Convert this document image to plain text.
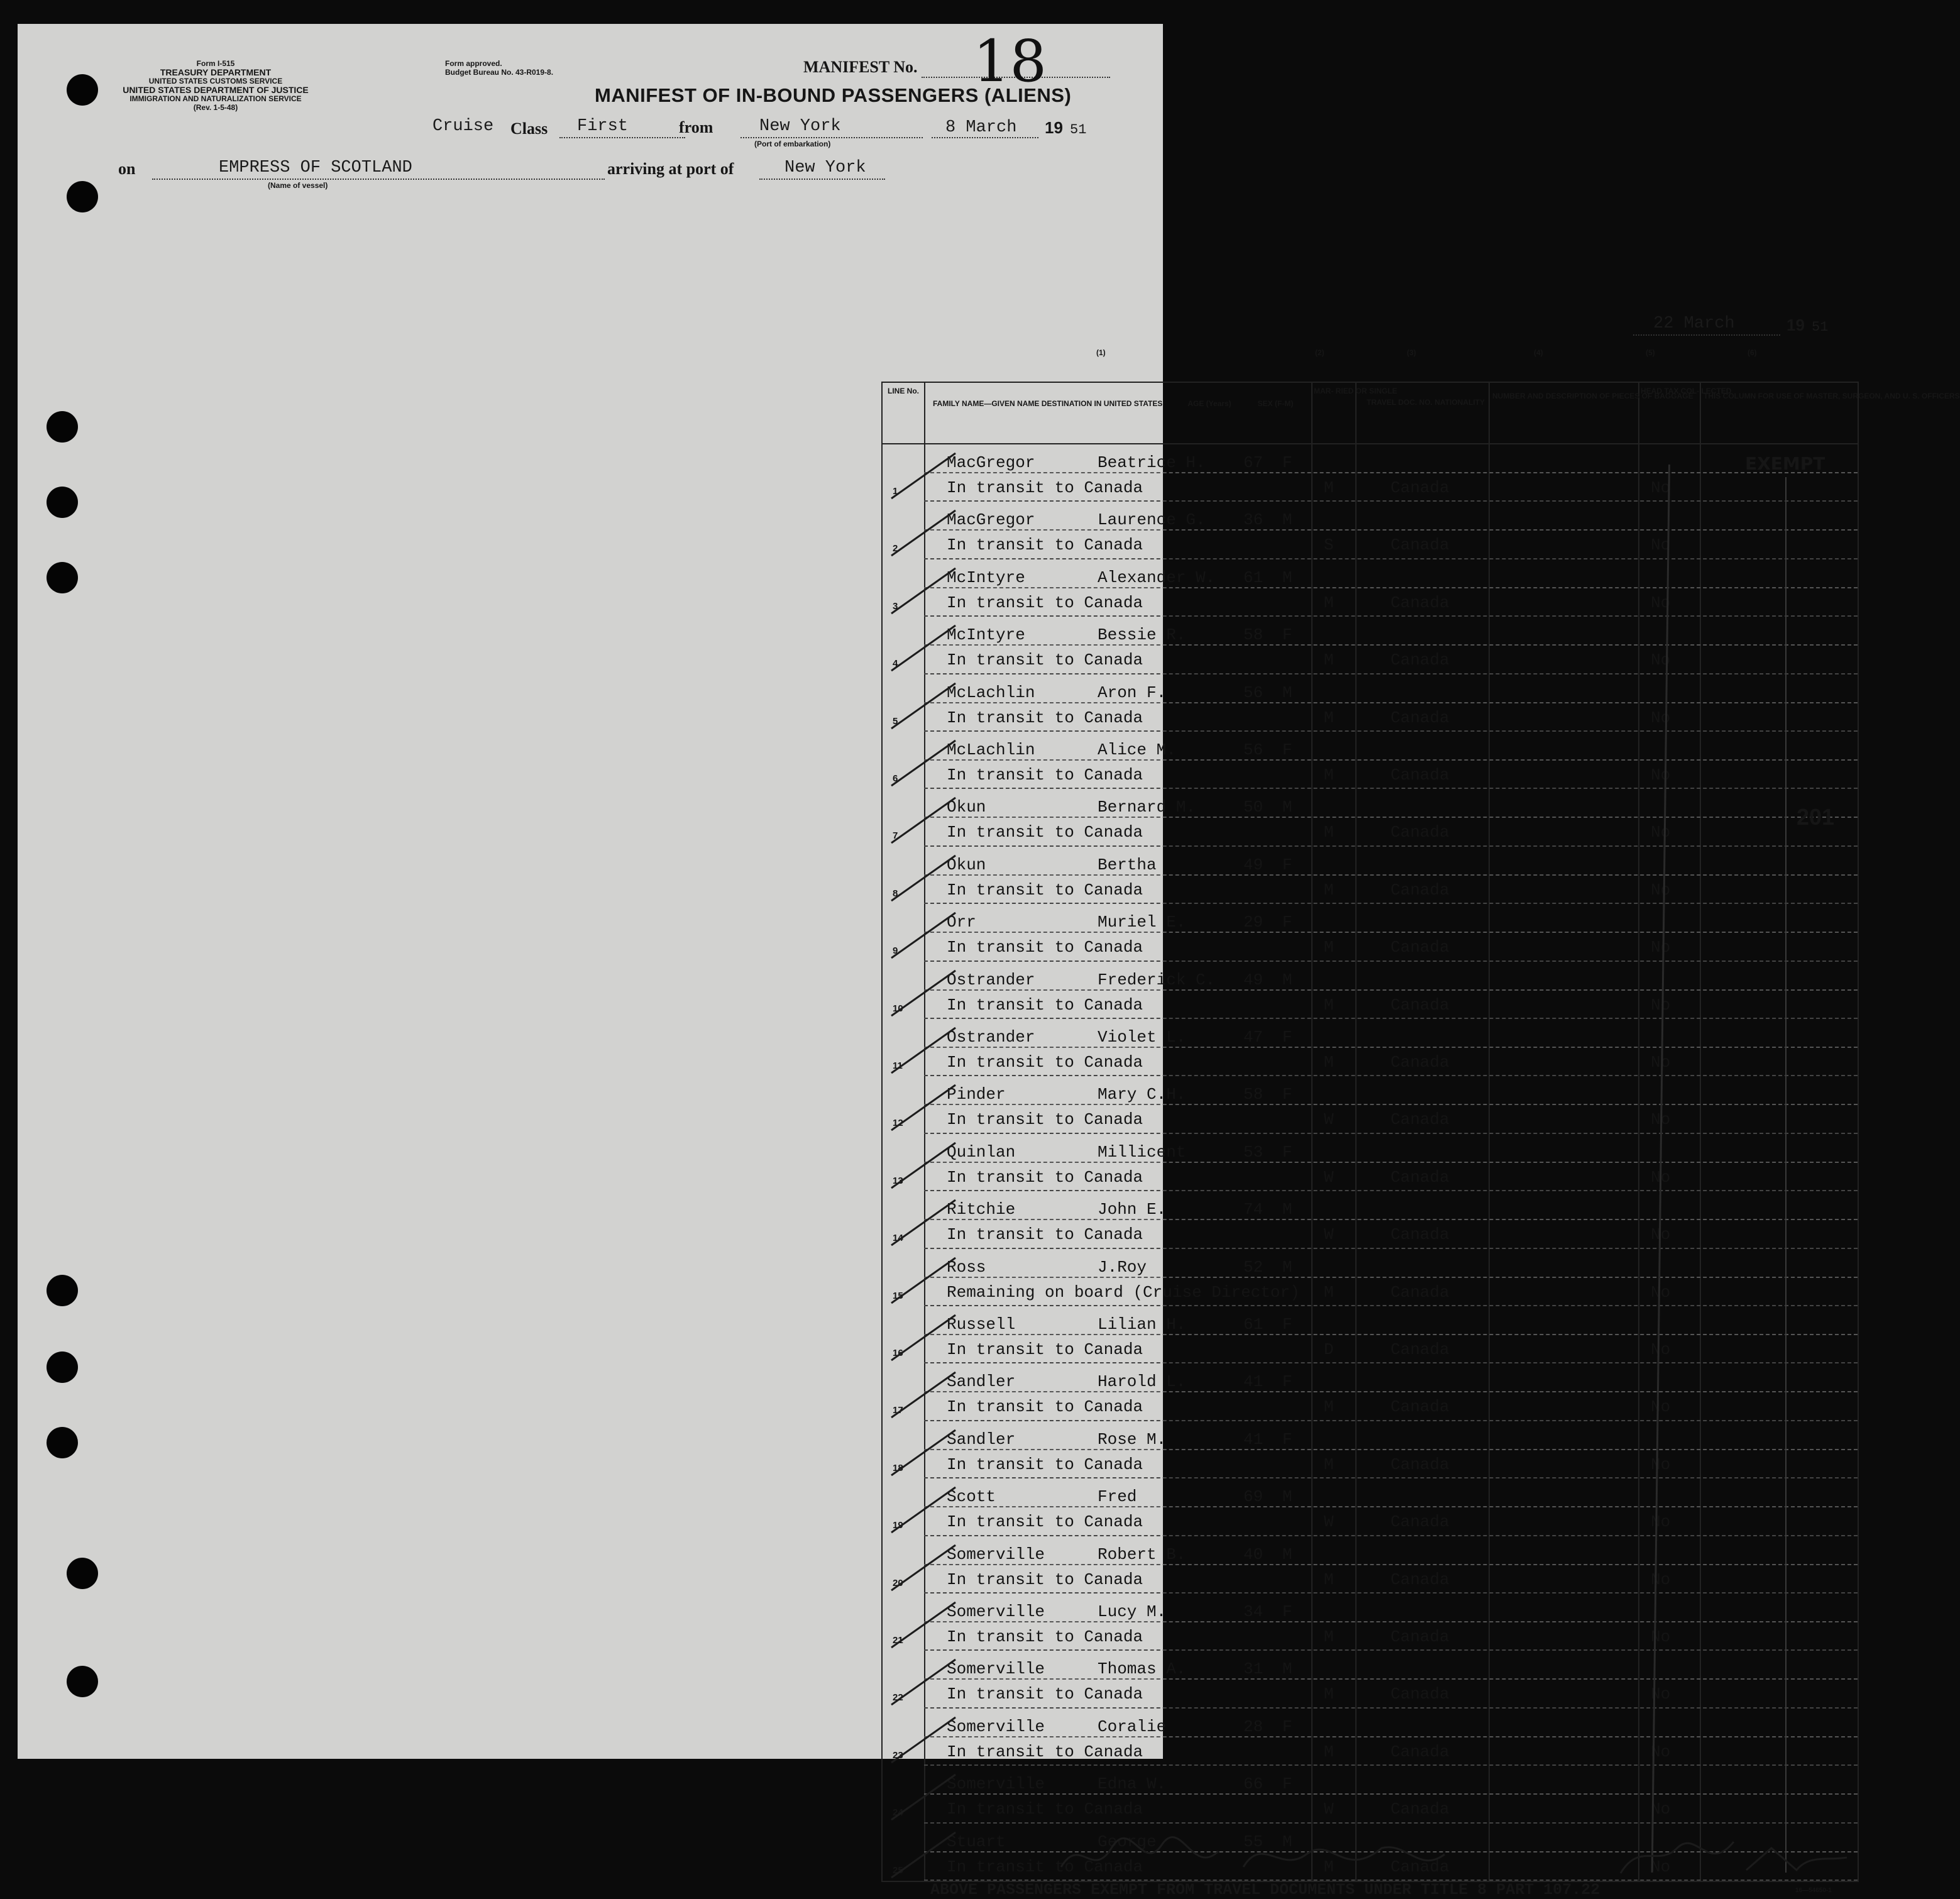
Form I-515
TREASURY DEPARTMENT
UNITED STATES CUSTOMS SERVICE
UNITED STATES DEPARTMENT OF JUSTICE
IMMIGRATION AND NATURALIZATION SERVICE
(Rev. 1-5-48)
Form approved.
Budget Bureau No. 43-R019-8.	MANIFEST No. 18
MANIFEST OF IN-BOUND PASSENGERS (ALIENS)
Cruise Class First	from	New York
(Port of embarkation)
8 March 19 51
on	EMPRESS OF SCOTLAND
(Name of vessel)
arriving at port of	New York
22 March	19 51
(1)	(2)	(3)	(4)	(5)	(6)
LINE No.
FAMILY NAME—GIVEN NAME DESTINATION IN UNITED STATES	AGE (Years)	SEX (F-M)
MAR- RIED OR SINGLE
TRAVEL DOC. NO. NATIONALITY
NUMBER AND DESCRIPTION OF PIECES OF BAGGAGE
HEAD TAX COL- LECTED
THIS COLUMN FOR USE OF MASTER, SURGEON, AND U. S. OFFICERS
1
MacGregor	Beatrice H. 67 F
In transit to Canada	M	Canada	No
2
MacGregor	Laurence G. 36 M
In transit to Canada	S	Canada	No
3
McIntyre	Alexander W. 61 M
In transit to Canada	M	Canada	No
4
McIntyre	Bessie R.	58 F
In transit to Canada	M	Canada	No
5
McLachlin	Aron F.	56 M
In transit to Canada	M	Canada	No
6
McLachlin	Alice M.	56 F
In transit to Canada	M	Canada	No
7
Okun	Bernard M.	50 M
In transit to Canada	M	Canada	No
8
Okun	Bertha	49 F
In transit to Canada	M	Canada	No
9
Orr	Muriel E.	29 F
In transit to Canada	M	Canada	No
10
Ostrander	Frederick C. 49 M
In transit to Canada	M	Canada	No
11
Ostrander	Violet L.	47 F
In transit to Canada	M	Canada	No
12
Pinder	Mary C.H.	58 F
In transit to Canada	W	Canada	No
13
Quinlan	Millicent	53 F
In transit to Canada	W	Canada	No
14
Ritchie	John E.	74 M
In transit to Canada	W	Canada	No
15
Ross	J.Roy	52 M
Remaining on board (Cruise Director) M	Canada	No
16
Russell	Lilian H.	61 F
In transit to Canada	D	Canada	No
17
Sandler	Harold L.	41 F
In transit to Canada	M	Canada	No
18
Sandler	Rose M.	41 F
In transit to Canada	M	Canada	No
19
Scott	Fred	69 M
In transit to Canada	W	Canada	No
20
Somerville	Robert B.	40 M
In transit to Canada	M	Canada	No
21
Somerville	Lucy M.	34 F
In transit to Canada	M	Canada	No
22
Somerville	Thomas A.	31 M
In transit to Canada	M	Canada	No
23
Somerville	Coralie	28 F
In transit to Canada	M	Canada	No
24
Somerville	Edna W.	66 F
In transit to Canada	W	Canada	No
25
Stuart	George	55 M
In transit to Canada	M	Canada	No
EXEMPT
201
ABOVE PASSENGERS EXEMPT FROM TRAVEL DOCUMENTS UNDER TITLE 8 PART 107.22	16—54650-1
